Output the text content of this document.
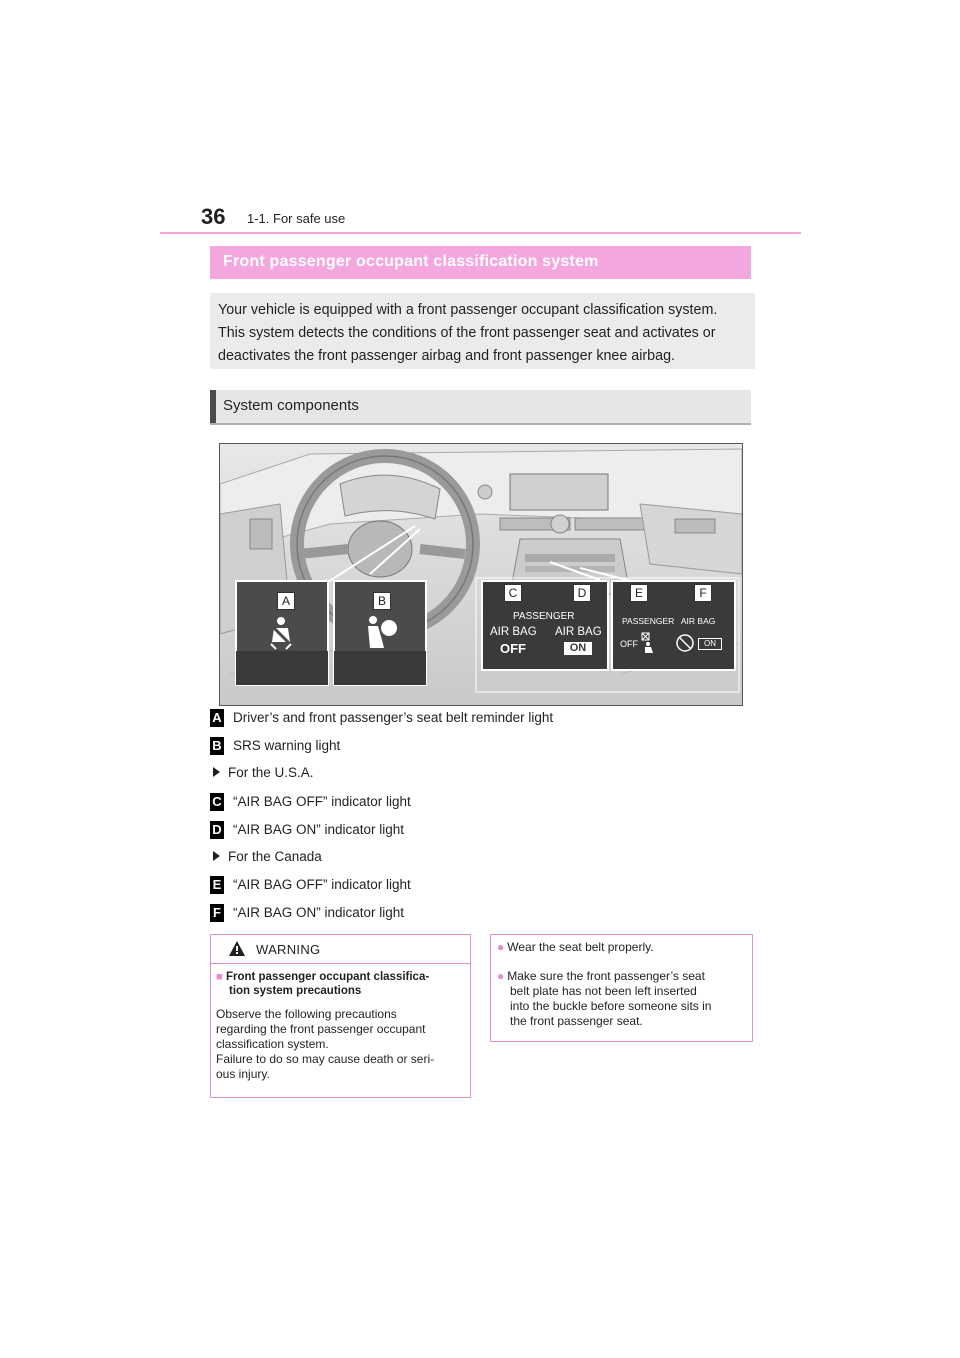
36 1-1. For safe use
Front passenger occupant classification system

Your vehicle is equipped with a front passenger occupant classification system. This system detects the conditions of the front passenger seat and activates or deactivates the front passenger airbag and front passenger knee airbag.

System components
A	B
C	D	E	F
PASSENGER
AIR BAG AIR BAG
OFF	ON
PASSENGER   AIR BAG
OFF	ON
A Driver’s and front passenger’s seat belt reminder light
B SRS warning light
For the U.S.A.
C “AIR BAG OFF” indicator light
D “AIR BAG ON” indicator light
For the Canada
E “AIR BAG OFF” indicator light
F “AIR BAG ON” indicator light
WARNING
■ Front passenger occupant classifica-
tion system precautions
Observe the following precautions
regarding the front passenger occupant
classification system.
Failure to do so may cause death or seri-
ous injury.
● Wear the seat belt properly.
● Make sure the front passenger’s seat
belt plate has not been left inserted
into the buckle before someone sits in
the front passenger seat.
